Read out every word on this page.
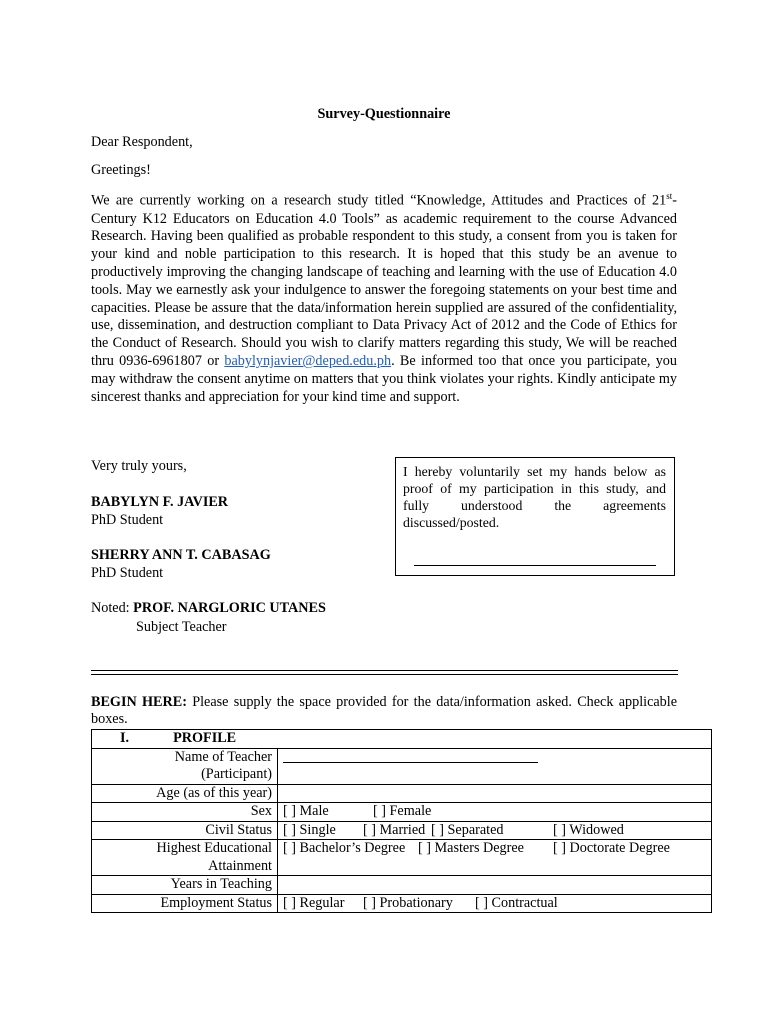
Survey-Questionnaire
Dear Respondent,
Greetings!
We are currently working on a research study titled “Knowledge, Attitudes and Practices of 21st-Century K12 Educators on Education 4.0 Tools” as academic requirement to the course Advanced Research. Having been qualified as probable respondent to this study, a consent from you is taken for your kind and noble participation to this research. It is hoped that this study be an avenue to productively improving the changing landscape of teaching and learning with the use of Education 4.0 tools. May we earnestly ask your indulgence to answer the foregoing statements on your best time and capacities. Please be assure that the data/information herein supplied are assured of the confidentiality, use, dissemination, and destruction compliant to Data Privacy Act of 2012 and the Code of Ethics for the Conduct of Research. Should you wish to clarify matters regarding this study, We will be reached thru 0936-6961807 or babylynjavier@deped.edu.ph. Be informed too that once you participate, you may withdraw the consent anytime on matters that you think violates your rights. Kindly anticipate my sincerest thanks and appreciation for your kind time and support.
Very truly yours,
BABYLYN F. JAVIER
PhD Student
SHERRY ANN T. CABASAG
PhD Student
Noted: PROF. NARGLORIC UTANES
Subject Teacher
I hereby voluntarily set my hands below as proof of my participation in this study, and fully understood the agreements discussed/posted.
BEGIN HERE: Please supply the space provided for the data/information asked. Check applicable boxes.
I. PROFILE	
Name of Teacher
(Participant)	
Age (as of this year)	
Sex	[ ] Male [ ] Female
Civil Status	[ ] Single [ ] Married [ ] Separated [ ] Widowed
Highest Educational
Attainment	[ ] Bachelor’s Degree [ ] Masters Degree [ ] Doctorate Degree
Years in Teaching	
Employment Status	[ ] Regular [ ] Probationary [ ] Contractual
